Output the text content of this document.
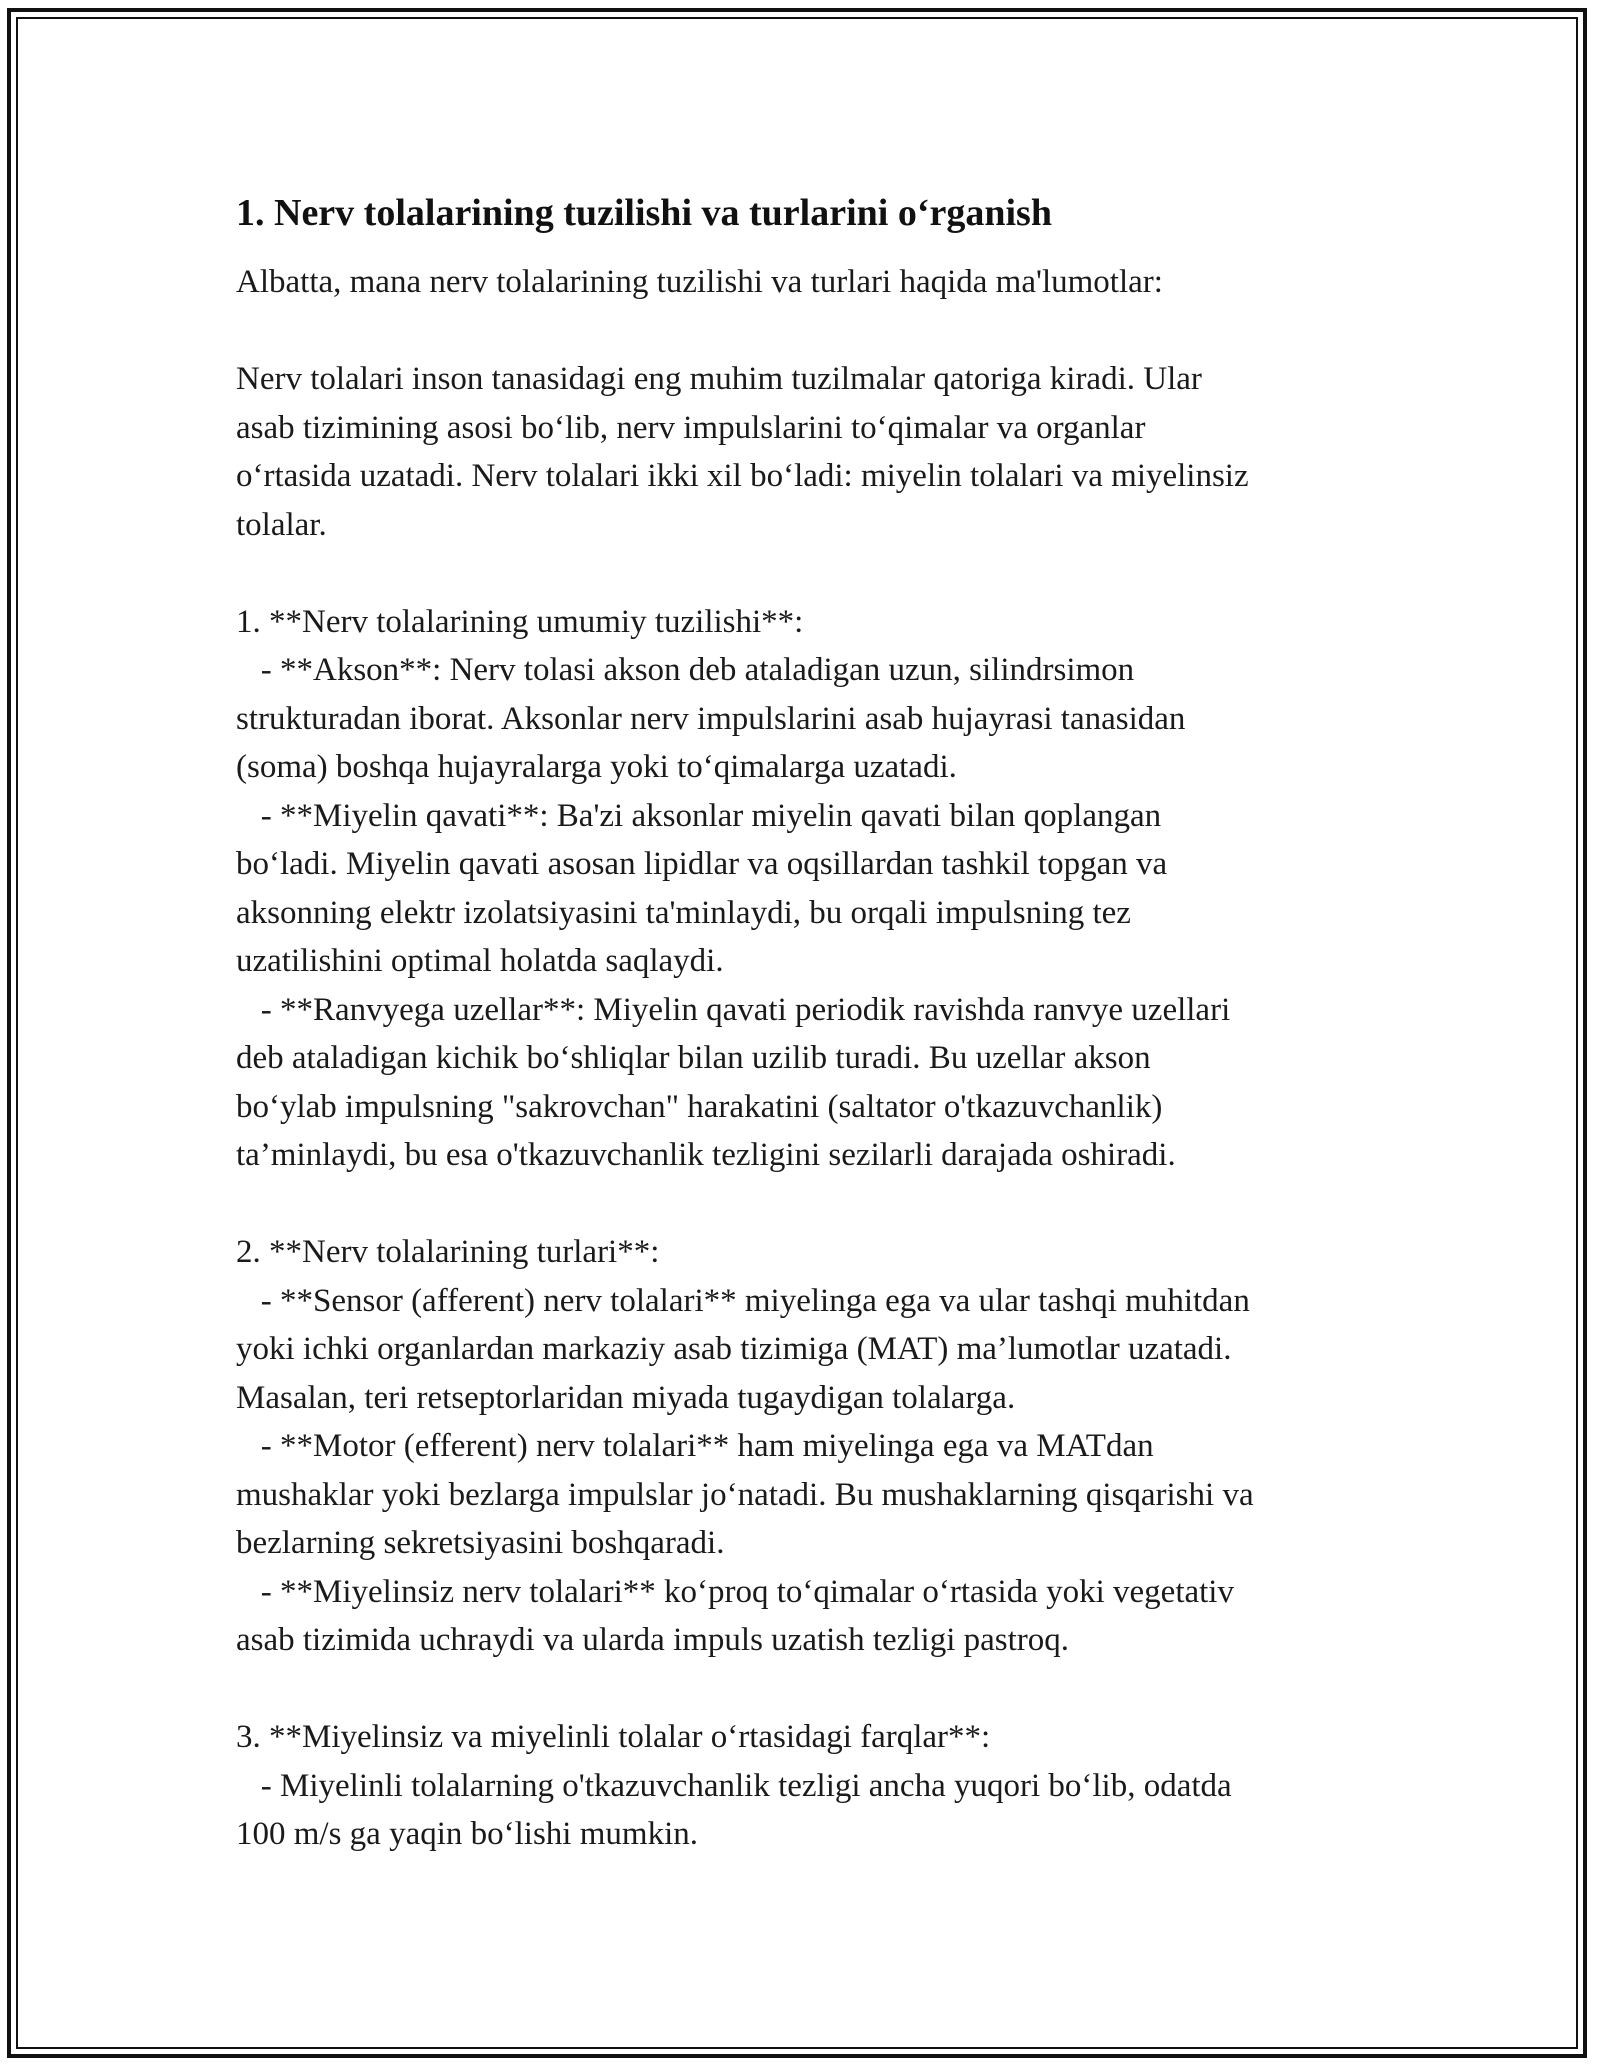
1. Nerv tolalarining tuzilishi va turlarini o‘rganish

Albatta, mana nerv tolalarining tuzilishi va turlari haqida ma'lumotlar:

Nerv tolalari inson tanasidagi eng muhim tuzilmalar qatoriga kiradi. Ular
asab tizimining asosi bo‘lib, nerv impulslarini to‘qimalar va organlar
o‘rtasida uzatadi. Nerv tolalari ikki xil bo‘ladi: miyelin tolalari va miyelinsiz
tolalar.

1. **Nerv tolalarining umumiy tuzilishi**:
- **Akson**: Nerv tolasi akson deb ataladigan uzun, silindrsimon
strukturadan iborat. Aksonlar nerv impulslarini asab hujayrasi tanasidan
(soma) boshqa hujayralarga yoki to‘qimalarga uzatadi.
- **Miyelin qavati**: Ba'zi aksonlar miyelin qavati bilan qoplangan
bo‘ladi. Miyelin qavati asosan lipidlar va oqsillardan tashkil topgan va
aksonning elektr izolatsiyasini ta'minlaydi, bu orqali impulsning tez
uzatilishini optimal holatda saqlaydi.
- **Ranvyega uzellar**: Miyelin qavati periodik ravishda ranvye uzellari
deb ataladigan kichik bo‘shliqlar bilan uzilib turadi. Bu uzellar akson
bo‘ylab impulsning "sakrovchan" harakatini (saltator o'tkazuvchanlik)
ta’minlaydi, bu esa o'tkazuvchanlik tezligini sezilarli darajada oshiradi.

2. **Nerv tolalarining turlari**:
- **Sensor (afferent) nerv tolalari** miyelinga ega va ular tashqi muhitdan
yoki ichki organlardan markaziy asab tizimiga (MAT) ma’lumotlar uzatadi.
Masalan, teri retseptorlaridan miyada tugaydigan tolalarga.
- **Motor (efferent) nerv tolalari** ham miyelinga ega va MATdan
mushaklar yoki bezlarga impulslar jo‘natadi. Bu mushaklarning qisqarishi va
bezlarning sekretsiyasini boshqaradi.
- **Miyelinsiz nerv tolalari** ko‘proq to‘qimalar o‘rtasida yoki vegetativ
asab tizimida uchraydi va ularda impuls uzatish tezligi pastroq.

3. **Miyelinsiz va miyelinli tolalar o‘rtasidagi farqlar**:
- Miyelinli tolalarning o'tkazuvchanlik tezligi ancha yuqori bo‘lib, odatda
100 m/s ga yaqin bo‘lishi mumkin.
